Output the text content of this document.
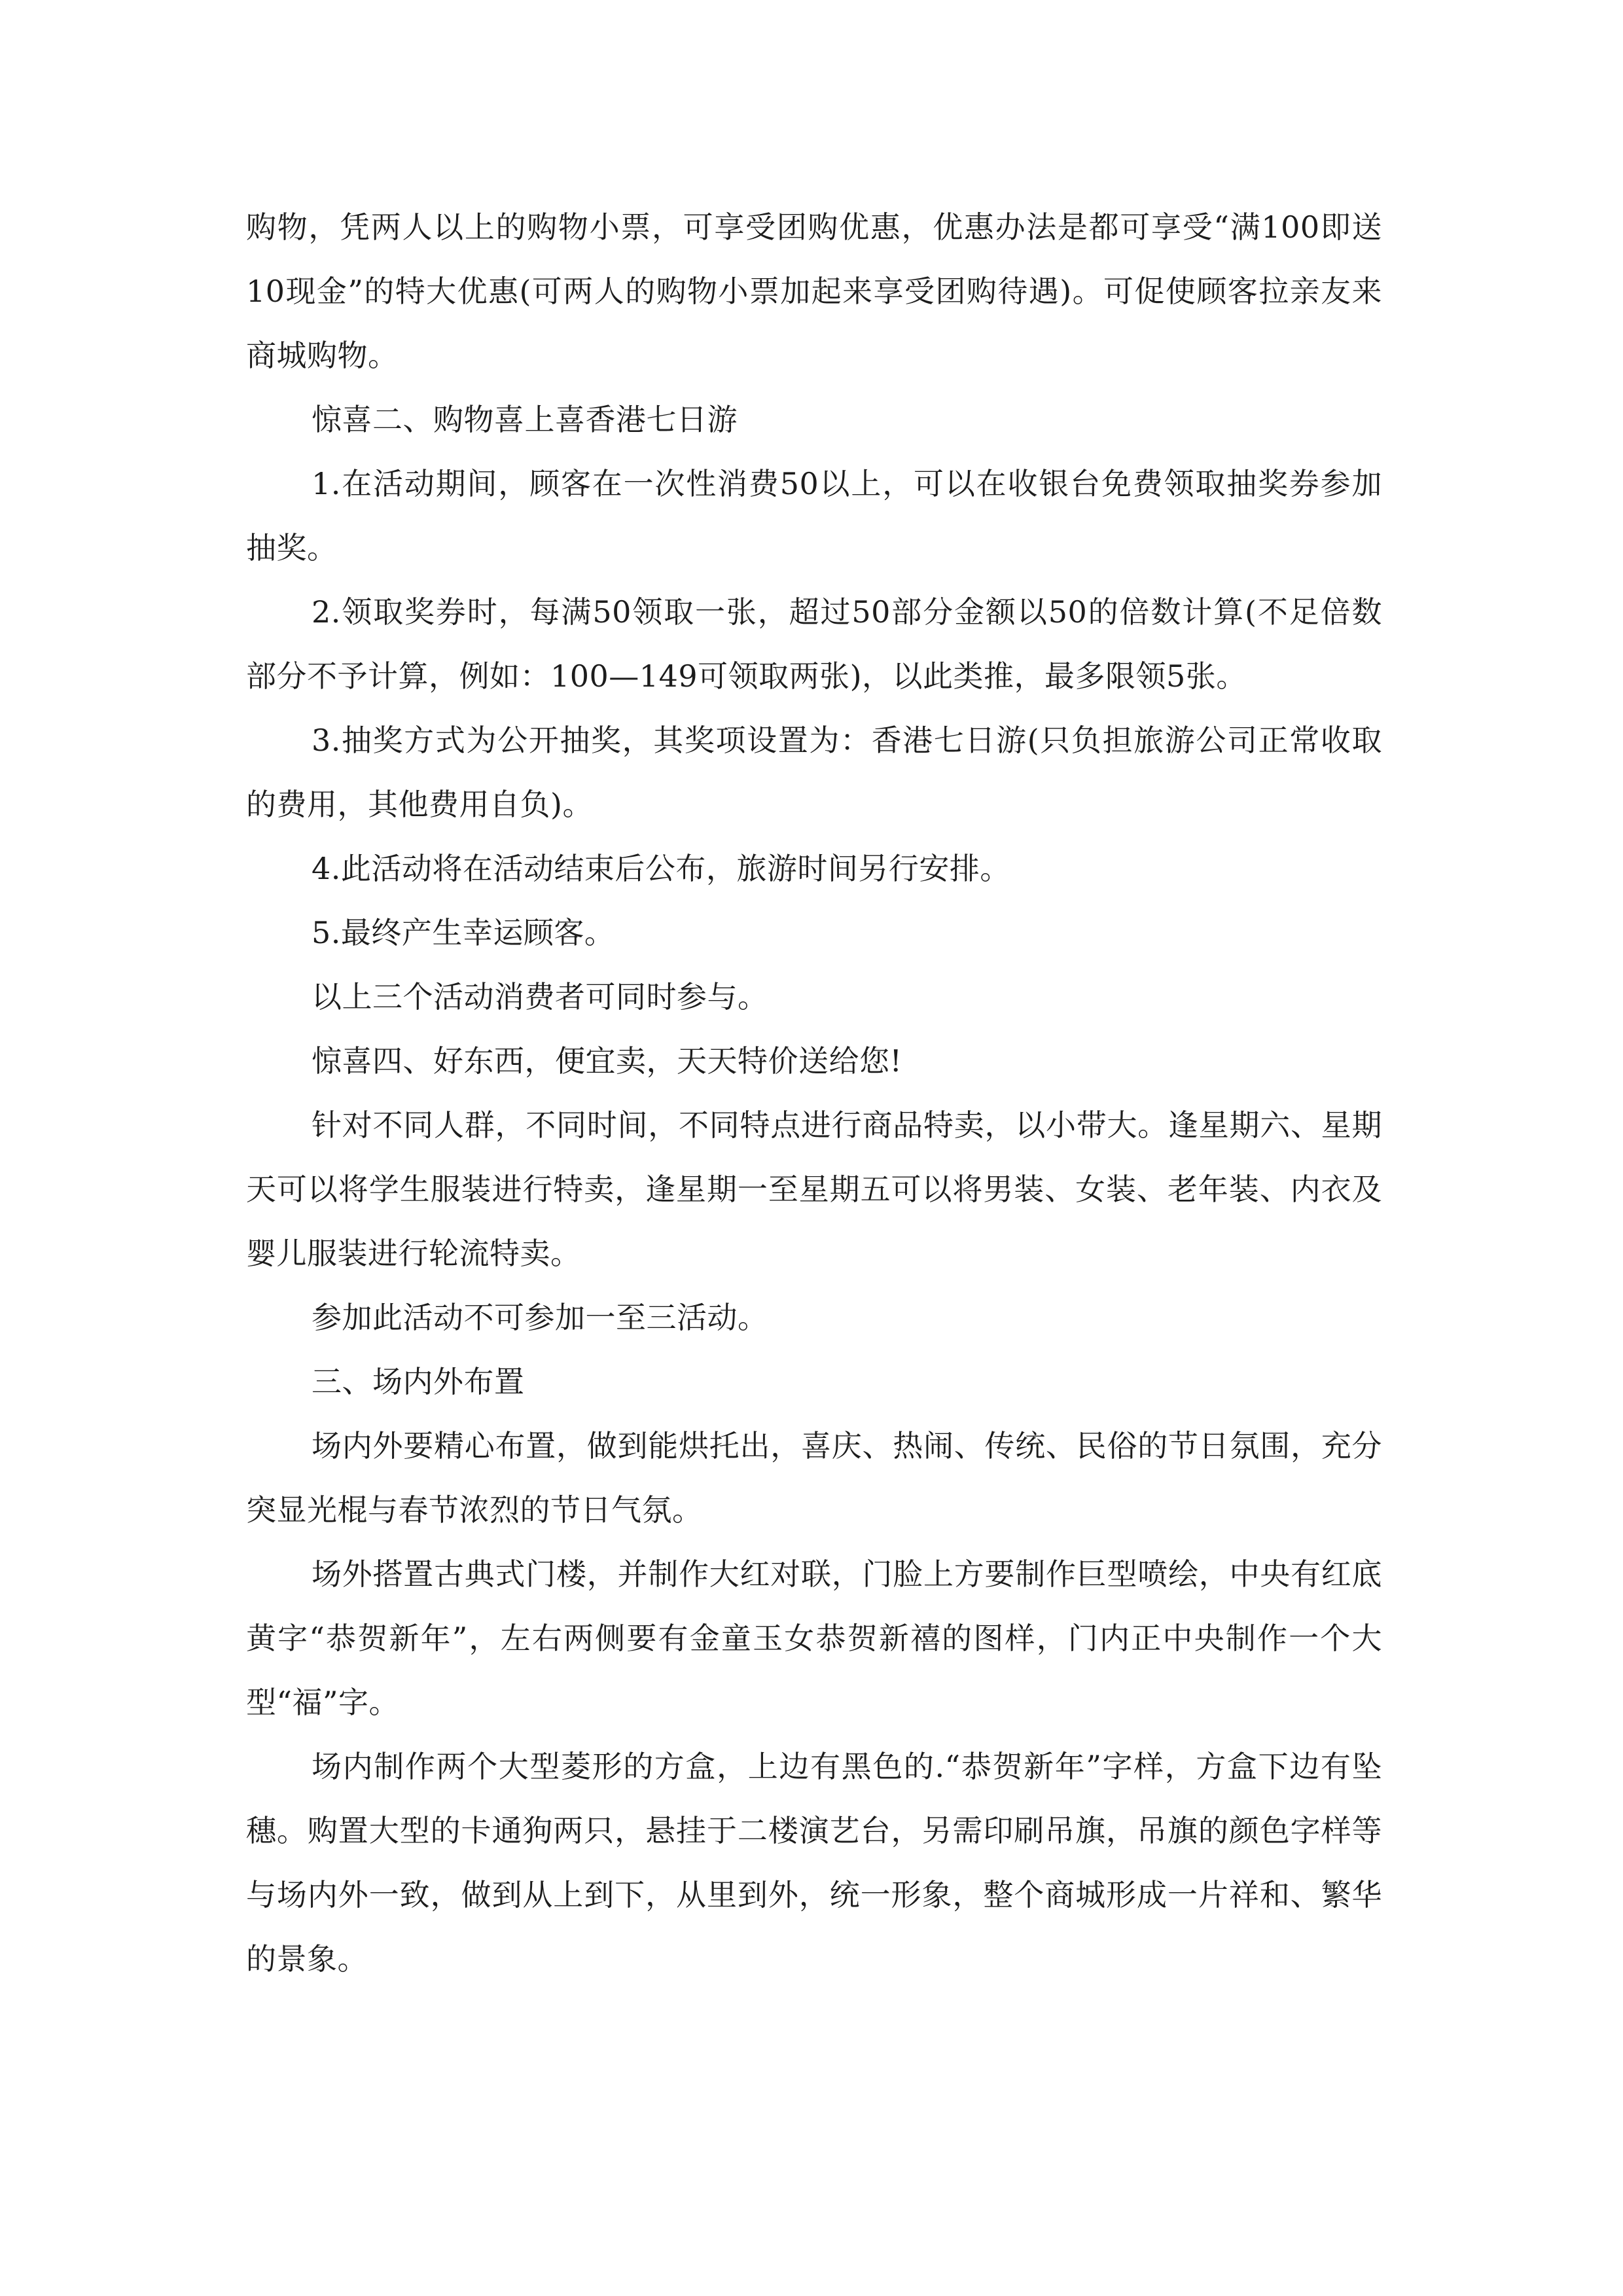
购物，凭两人以上的购物小票，可享受团购优惠，优惠办法是都可享受“满100即送10现金”的特大优惠(可两人的购物小票加起来享受团购待遇)。可促使顾客拉亲友来商城购物。

惊喜二、购物喜上喜香港七日游

1.在活动期间，顾客在一次性消费50以上，可以在收银台免费领取抽奖券参加抽奖。

2.领取奖券时，每满50领取一张，超过50部分金额以50的倍数计算(不足倍数部分不予计算，例如：100—149可领取两张)，以此类推，最多限领5张。

3.抽奖方式为公开抽奖，其奖项设置为：香港七日游(只负担旅游公司正常收取的费用，其他费用自负)。

4.此活动将在活动结束后公布，旅游时间另行安排。

5.最终产生幸运顾客。

以上三个活动消费者可同时参与。

惊喜四、好东西，便宜卖，天天特价送给您!

针对不同人群，不同时间，不同特点进行商品特卖，以小带大。逢星期六、星期天可以将学生服装进行特卖，逢星期一至星期五可以将男装、女装、老年装、内衣及婴儿服装进行轮流特卖。

参加此活动不可参加一至三活动。

三、场内外布置

场内外要精心布置，做到能烘托出，喜庆、热闹、传统、民俗的节日氛围，充分突显光棍与春节浓烈的节日气氛。

场外搭置古典式门楼，并制作大红对联，门脸上方要制作巨型喷绘，中央有红底黄字“恭贺新年”，左右两侧要有金童玉女恭贺新禧的图样，门内正中央制作一个大型“福”字。

场内制作两个大型菱形的方盒，上边有黑色的.“恭贺新年”字样，方盒下边有坠穗。购置大型的卡通狗两只，悬挂于二楼演艺台，另需印刷吊旗，吊旗的颜色字样等与场内外一致，做到从上到下，从里到外，统一形象，整个商城形成一片祥和、繁华的景象。
